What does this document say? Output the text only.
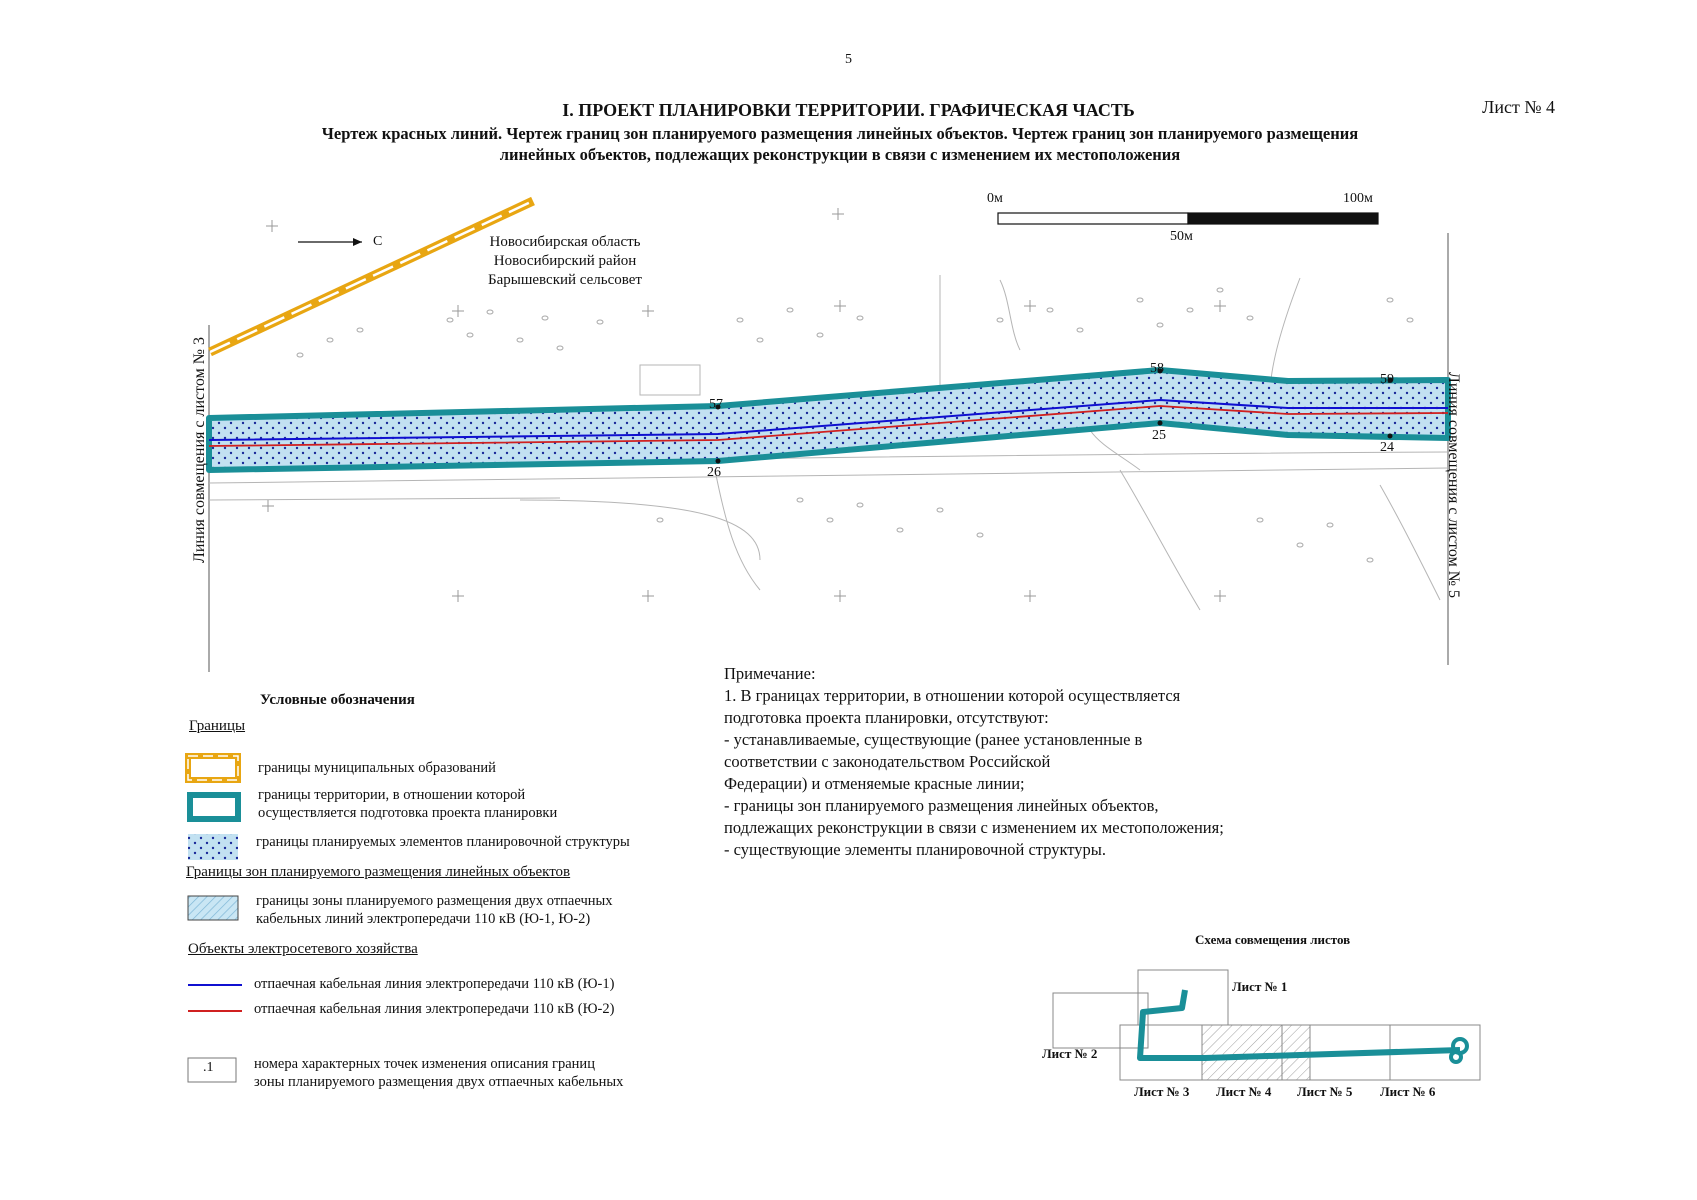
5
Лист № 4
I. ПРОЕКТ ПЛАНИРОВКИ ТЕРРИТОРИИ. ГРАФИЧЕСКАЯ ЧАСТЬ
Чертеж красных линий. Чертеж границ зон планируемого размещения линейных объектов. Чертеж границ зон планируемого размещения
линейных объектов, подлежащих реконструкции в связи с изменением их местоположения
С	Новосибирская область
Новосибирский район
Барышевский сельсовет
0м
50м
100м
57
26
58
25
59
24
Линия совмещения с листом № 3	Линия совмещения с листом № 5
Условные обозначения
Границы
границы муниципальных образований
границы территории, в отношении которой
осуществляется подготовка проекта планировки
границы планируемых элементов планировочной структуры
Границы зон планируемого размещения линейных объектов
границы зоны планируемого размещения двух отпаечных
кабельных линий электропередачи 110 кВ (Ю-1, Ю-2)
Объекты электросетевого хозяйства
отпаечная кабельная линия электропередачи 110 кВ (Ю-1)
отпаечная кабельная линия электропередачи 110 кВ (Ю-2)
.1	номера характерных точек изменения описания границ
зоны планируемого размещения двух отпаечных кабельных
Примечание:
1. В границах территории, в отношении которой осуществляется
подготовка проекта планировки, отсутствуют:
- устанавливаемые, существующие (ранее установленные в
соответствии с законодательством Российской
Федерации) и отменяемые красные линии;
- границы зон планируемого размещения линейных объектов,
подлежащих реконструкции в связи с изменением их местоположения;
- существующие элементы планировочной структуры.
Схема совмещения листов
Лист № 1
Лист № 2
Лист № 3 Лист № 4 Лист № 5 Лист № 6
